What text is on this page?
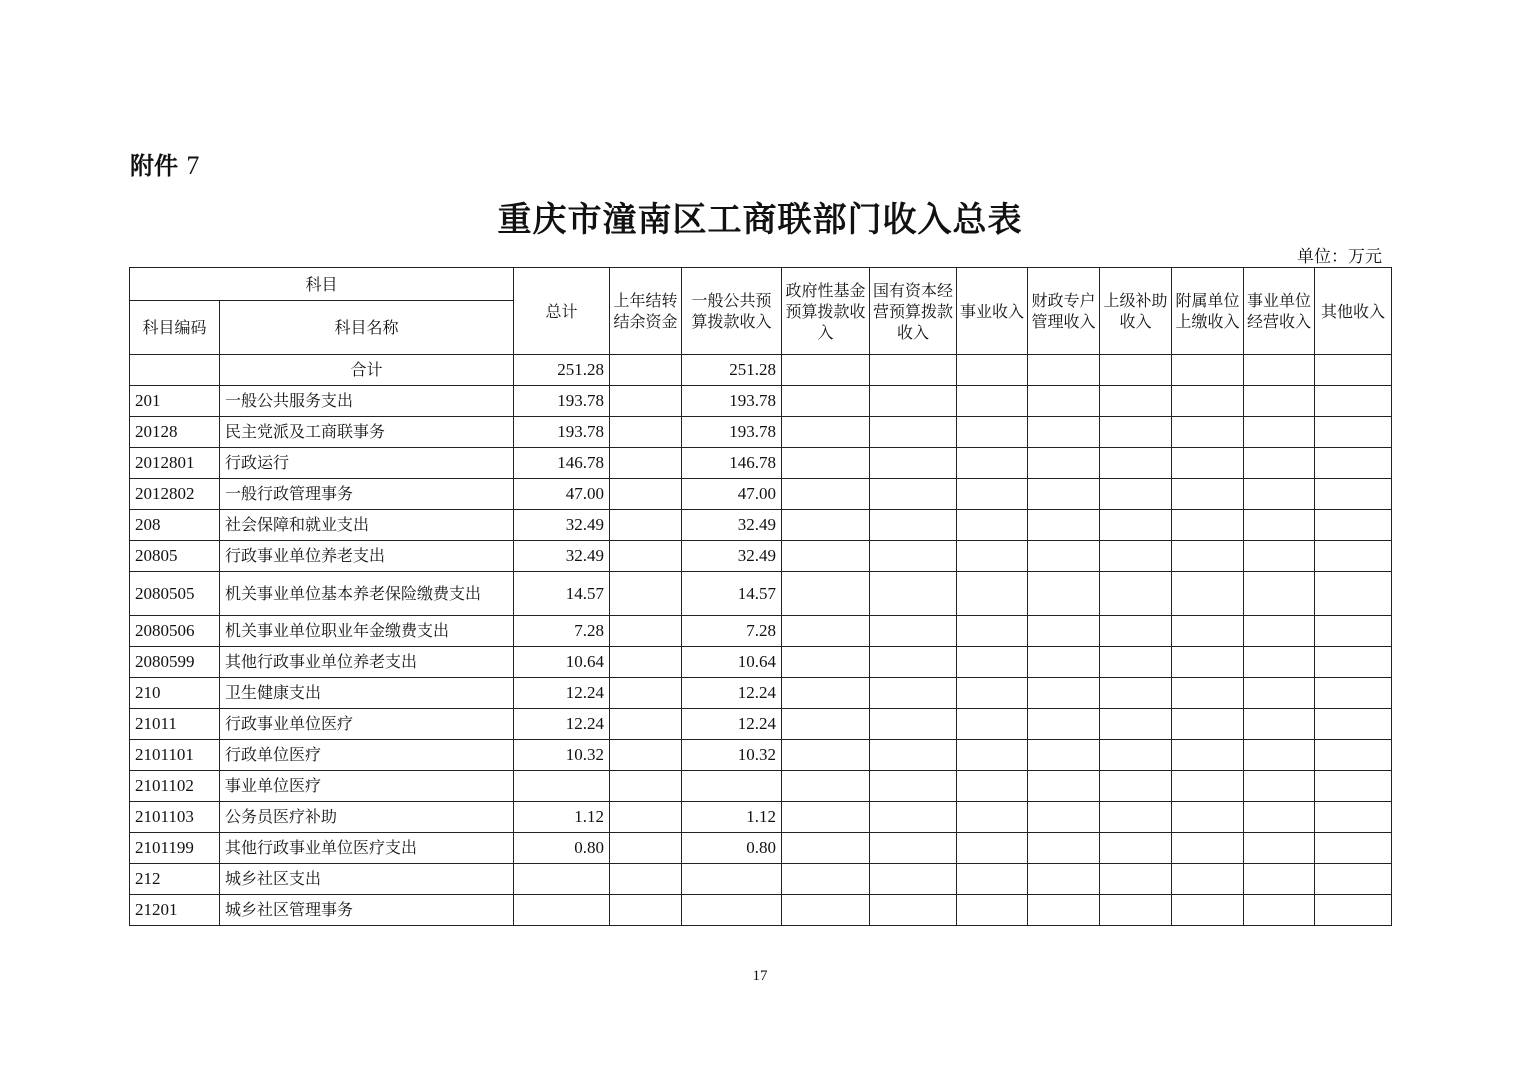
附件 7
重庆市潼南区工商联部门收入总表
单位：万元
科目		总计	上年结转结余资金	一般公共预算拨款收入	政府性基金预算拨款收入	国有资本经营预算拨款收入	事业收入	财政专户管理收入	上级补助收入	附属单位上缴收入	事业单位经营收入	其他收入
科目编码	科目名称											
	合计	251.28		251.28								
201	一般公共服务支出	193.78		193.78								
20128	民主党派及工商联事务	193.78		193.78								
2012801	行政运行	146.78		146.78								
2012802	一般行政管理事务	47.00		47.00								
208	社会保障和就业支出	32.49		32.49								
20805	行政事业单位养老支出	32.49		32.49								
2080505	机关事业单位基本养老保险缴费支出	14.57		14.57								
2080506	机关事业单位职业年金缴费支出	7.28		7.28								
2080599	其他行政事业单位养老支出	10.64		10.64								
210	卫生健康支出	12.24		12.24								
21011	行政事业单位医疗	12.24		12.24								
2101101	行政单位医疗	10.32		10.32								
2101102	事业单位医疗											
2101103	公务员医疗补助	1.12		1.12								
2101199	其他行政事业单位医疗支出	0.80		0.80								
212	城乡社区支出											
21201	城乡社区管理事务											
17
